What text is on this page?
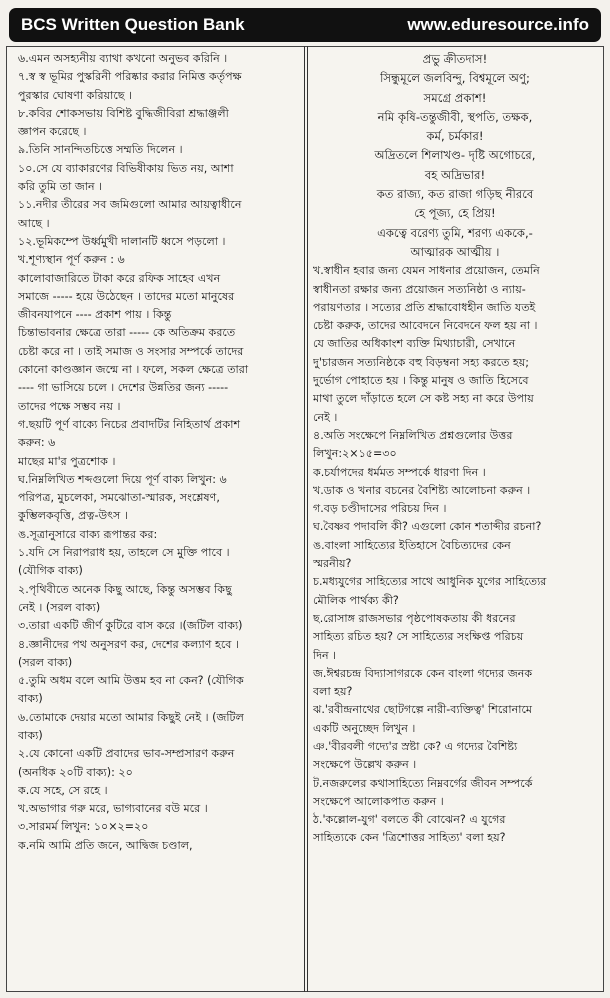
BCS Written Question Bank	www.eduresource.info
৬.এমন অসহ্যনীয় ব্যাথা কখনো অনুভব করিনি ।
৭.স্ব স্ব ভূমির পুস্করিনী পরিষ্কার করার নিমিত্ত কর্তৃপক্ষ
পুরস্কার ঘোষণা করিয়াছে ।
৮.কবির শোকসভায় বিশিষ্ট বুদ্ধিজীবিরা শ্রদ্ধাঞ্জলী
জ্ঞাপন করেছে ।
৯.তিনি সানন্দিতচিত্তে সম্মতি দিলেন ।
১০.সে যে ব্যাকারণের বিভিষীকায় ভিত নয়, আশা
করি তুমি তা জান ।
১১.নদীর তীরের সব জমিগুলো আমার আয়ত্বাধীনে
আছে ।
১২.ভূমিকম্পে উর্ধ্বমুখী দালানটি ধ্বসে পড়লো ।
খ.শূণ্যস্থান পূর্ণ করুন : ৬
কালোবাজারিতে টাকা করে রফিক সাহেব এখন
সমাজে ----- হয়ে উঠেছেন । তাদের মতো মানুষের
জীবনযাপনে ---- প্রকাশ পায় । কিন্তু
চিন্তাভাবনার ক্ষেত্রে তারা ----- কে অতিক্রম করতে
চেষ্টা করে না । তাই সমাজ ও সংসার সম্পর্কে তাদের
কোনো কাণ্ডজ্ঞান জন্মে না । ফলে, সকল ক্ষেত্রে তারা
---- গা ভাসিয়ে চলে । দেশের উন্নতির জন্য -----
তাদের পক্ষে সম্ভব নয় ।
গ.ছয়টি পূর্ণ বাক্যে নিচের প্রবাদটির নিহিতার্থ প্রকাশ
করুন: ৬
মাছের মা'র পুত্রশোক ।
ঘ.নিম্নলিখিত শব্দগুলো দিয়ে পূর্ণ বাক্য লিখুন: ৬
পরিপত্র, মুচলেকা, সমঝোতা-স্মারক, সংশ্লেষণ,
কুম্ভিলকবৃত্তি, প্রত্ন-উৎস ।
ঙ.সূত্রানুসারে বাক্য রূপান্তর কর:
১.যদি সে নিরাপরাধ হয়, তাহলে সে মুক্তি পাবে ।
(যৌগিক বাক্য)
২.পৃথিবীতে অনেক কিছু আছে, কিন্তু অসম্ভব কিছু
নেই । (সরল বাক্য)
৩.তারা একটি জীর্ণ কুটিরে বাস করে ।(জটিল বাক্য)
৪.জ্ঞানীদের পথ অনুসরণ কর, দেশের কল্যাণ হবে ।
(সরল বাক্য)
৫.তুমি অধম বলে আমি উত্তম হব না কেন? (যৌগিক
বাক্য)
৬.তোমাকে দেয়ার মতো আমার কিছুই নেই । (জটিল
বাক্য)
২.যে কোনো একটি প্রবাদের ভাব-সম্প্রসারণ করুন
(অনধিক ২০টি বাক্য): ২০
ক.যে সহে, সে রহে ।
খ.অভাগার গরু মরে, ভাগ্যবানের বউ মরে ।
৩.সারমর্ম লিখুন: ১০×২=২০
ক.নমি আমি প্রতি জনে, আদ্বিজ চণ্ডাল,
প্রভু ক্রীতদাস!
সিন্ধুমূলে জলবিন্দু, বিশ্বমূলে অণু;
সমগ্রে প্রকাশ!
নমি কৃষি-তন্তুজীবী, স্থপতি, তক্ষক,
কর্ম, চর্মকার!
অদ্রিতলে শিলাখণ্ড- দৃষ্টি অগোচরে,
বহ অদ্রিভার!
কত রাজ্য, কত রাজা গড়িছ নীরবে
হে পূজ্য, হে প্রিয়!
একত্বে বরেণ্য তুমি, শরণ্য এককে,-
আত্মারক আত্মীয় ।
খ.স্বাধীন হবার জন্য যেমন সাধনার প্রয়োজন, তেমনি
স্বাধীনতা রক্ষার জন্য প্রয়োজন সত্যনিষ্ঠা ও ন্যায়-
পরায়ণতার । সত্যের প্রতি শ্রদ্ধাবোধহীন জাতি যতই
চেষ্টা করুক, তাদের আবেদনে নিবেদনে ফল হয় না ।
যে জাতির অধিকাংশ ব্যক্তি মিথ্যাচারী, সেখানে
দু'চারজন সত্যনিষ্ঠকে বহু বিড়ম্বনা সহ্য করতে হয়;
দুর্ভোগ পোহাতে হয় । কিন্তু মানুষ ও জাতি হিসেবে
মাথা তুলে দাঁড়াতে হলে সে কষ্ট সহ্য না করে উপায়
নেই ।
৪.অতি সংক্ষেপে নিম্নলিখিত প্রশ্নগুলোর উত্তর
লিখুন:২×১৫=৩০
ক.চর্যাপদের ধর্মমত সম্পর্কে ধারণা দিন ।
খ.ডাক ও খনার বচনের বৈশিষ্ট্য আলোচনা করুন ।
গ.বড় চণ্ডীদাসের পরিচয় দিন ।
ঘ.বৈষ্ণব পদাবলি কী? এগুলো কোন শতাব্দীর রচনা?
ঙ.বাংলা সাহিত্যের ইতিহাসে বৈচিত্যদের কেন
স্মরনীয়?
চ.মধ্যযুগের সাহিত্যের সাথে আধুনিক যুগের সাহিত্যের
মৌলিক পার্থক্য কী?
ছ.রোসাঙ্গ রাজসভার পৃষ্ঠপোষকতায় কী ধরনের
সাহিত্য রচিত হয়? সে সাহিত্যের সংক্ষিপ্ত পরিচয়
দিন ।
জ.ঈশ্বরচন্দ্র বিদ্যাসাগরকে কেন বাংলা গদ্যের জনক
বলা হয়?
ঝ.'রবীন্দ্রনাথের ছোটগল্পে নারী-ব্যক্তিত্ব' শিরোনামে
একটি অনুচ্ছেদ লিখুন ।
ঞ.'বীরবলী গদ্যে'র স্রষ্টা কে? এ গদ্যের বৈশিষ্ট্য
সংক্ষেপে উল্লেখ করুন ।
ট.নজরুলের কথাসাহিত্যে নিম্নবর্গের জীবন সম্পর্কে
সংক্ষেপে আলোকপাত করুন ।
ঠ.'কল্লোল-যুগ' বলতে কী বোঝেন? এ যুগের
সাহিত্যকে কেন 'ত্রিশোত্তর সাহিত্য' বলা হয়?
